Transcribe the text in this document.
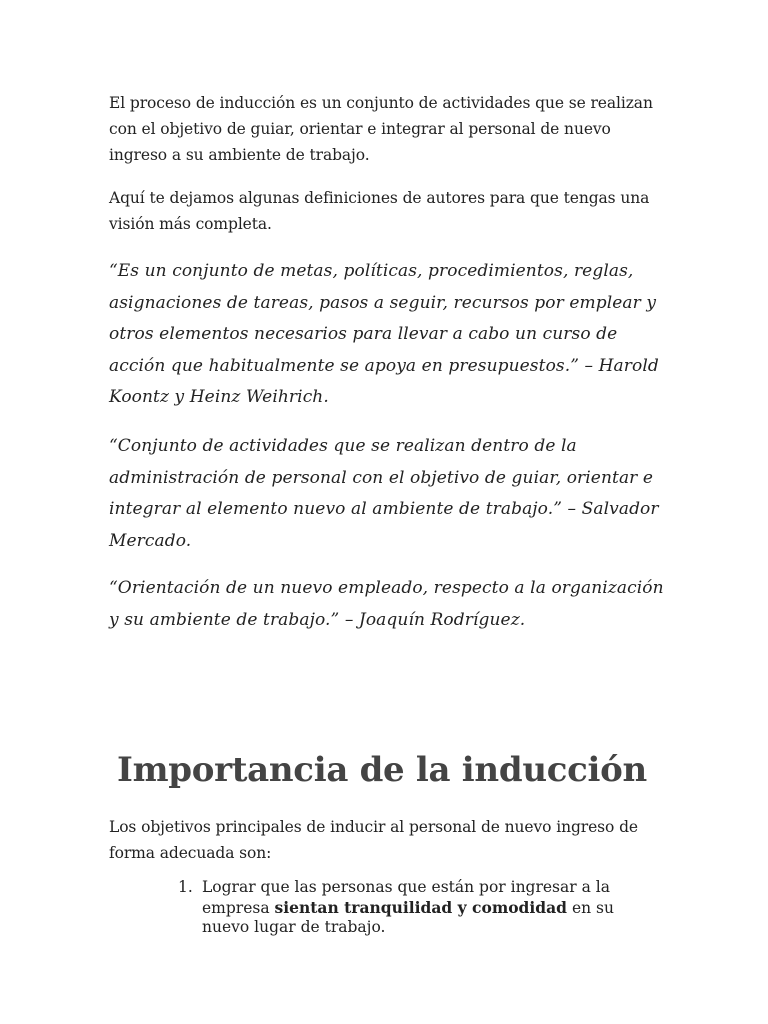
El proceso de inducción es un conjunto de actividades que se realizan con el objetivo de guiar, orientar e integrar al personal de nuevo ingreso a su ambiente de trabajo.

Aquí te dejamos algunas definiciones de autores para que tengas una visión más completa.

“Es un conjunto de metas, políticas, procedimientos, reglas, asignaciones de tareas, pasos a seguir, recursos por emplear y otros elementos necesarios para llevar a cabo un curso de acción que habitualmente se apoya en presupuestos.” – Harold Koontz y Heinz Weihrich.

“Conjunto de actividades que se realizan dentro de la administración de personal con el objetivo de guiar, orientar e integrar al elemento nuevo al ambiente de trabajo.” – Salvador Mercado.

“Orientación de un nuevo empleado, respecto a la organización y su ambiente de trabajo.” – Joaquín Rodríguez.

Importancia de la inducción

Los objetivos principales de inducir al personal de nuevo ingreso de forma adecuada son:

1. Lograr que las personas que están por ingresar a la empresa sientan tranquilidad y comodidad en su nuevo lugar de trabajo.
